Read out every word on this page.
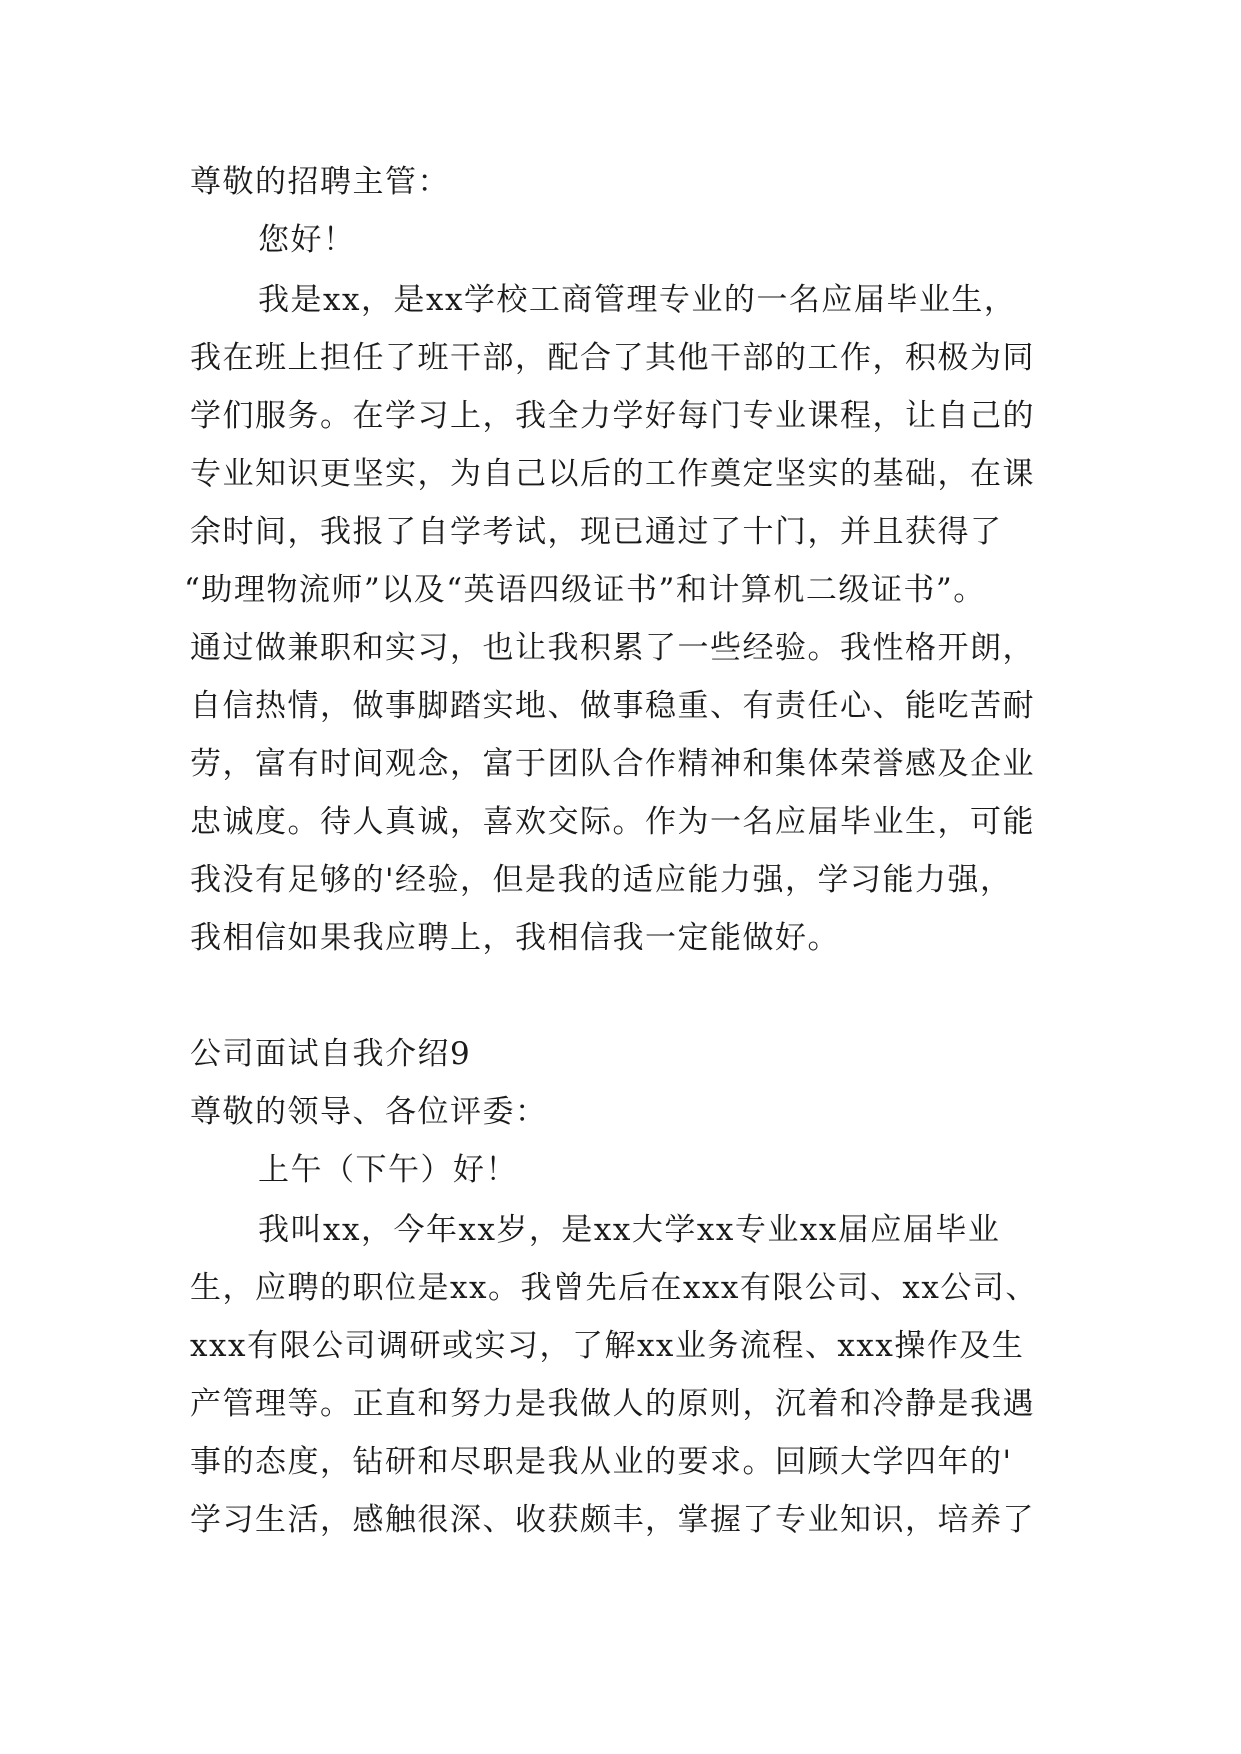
尊敬的招聘主管：
您好！
我是xx，是xx学校工商管理专业的一名应届毕业生，
我在班上担任了班干部，配合了其他干部的工作，积极为同
学们服务。在学习上，我全力学好每门专业课程，让自己的
专业知识更坚实，为自己以后的工作奠定坚实的基础，在课
余时间，我报了自学考试，现已通过了十门，并且获得了
“助理物流师”以及“英语四级证书”和计算机二级证书”。
通过做兼职和实习，也让我积累了一些经验。我性格开朗，
自信热情，做事脚踏实地、做事稳重、有责任心、能吃苦耐
劳，富有时间观念，富于团队合作精神和集体荣誉感及企业
忠诚度。待人真诚，喜欢交际。作为一名应届毕业生，可能
我没有足够的'经验，但是我的适应能力强，学习能力强，
我相信如果我应聘上，我相信我一定能做好。
公司面试自我介绍9
尊敬的领导、各位评委：
上午（下午）好！
我叫xx，今年xx岁，是xx大学xx专业xx届应届毕业
生，应聘的职位是xx。我曾先后在xxx有限公司、xx公司、
xxx有限公司调研或实习，了解xx业务流程、xxx操作及生
产管理等。正直和努力是我做人的原则，沉着和冷静是我遇
事的态度，钻研和尽职是我从业的要求。回顾大学四年的'
学习生活，感触很深、收获颇丰，掌握了专业知识，培养了
